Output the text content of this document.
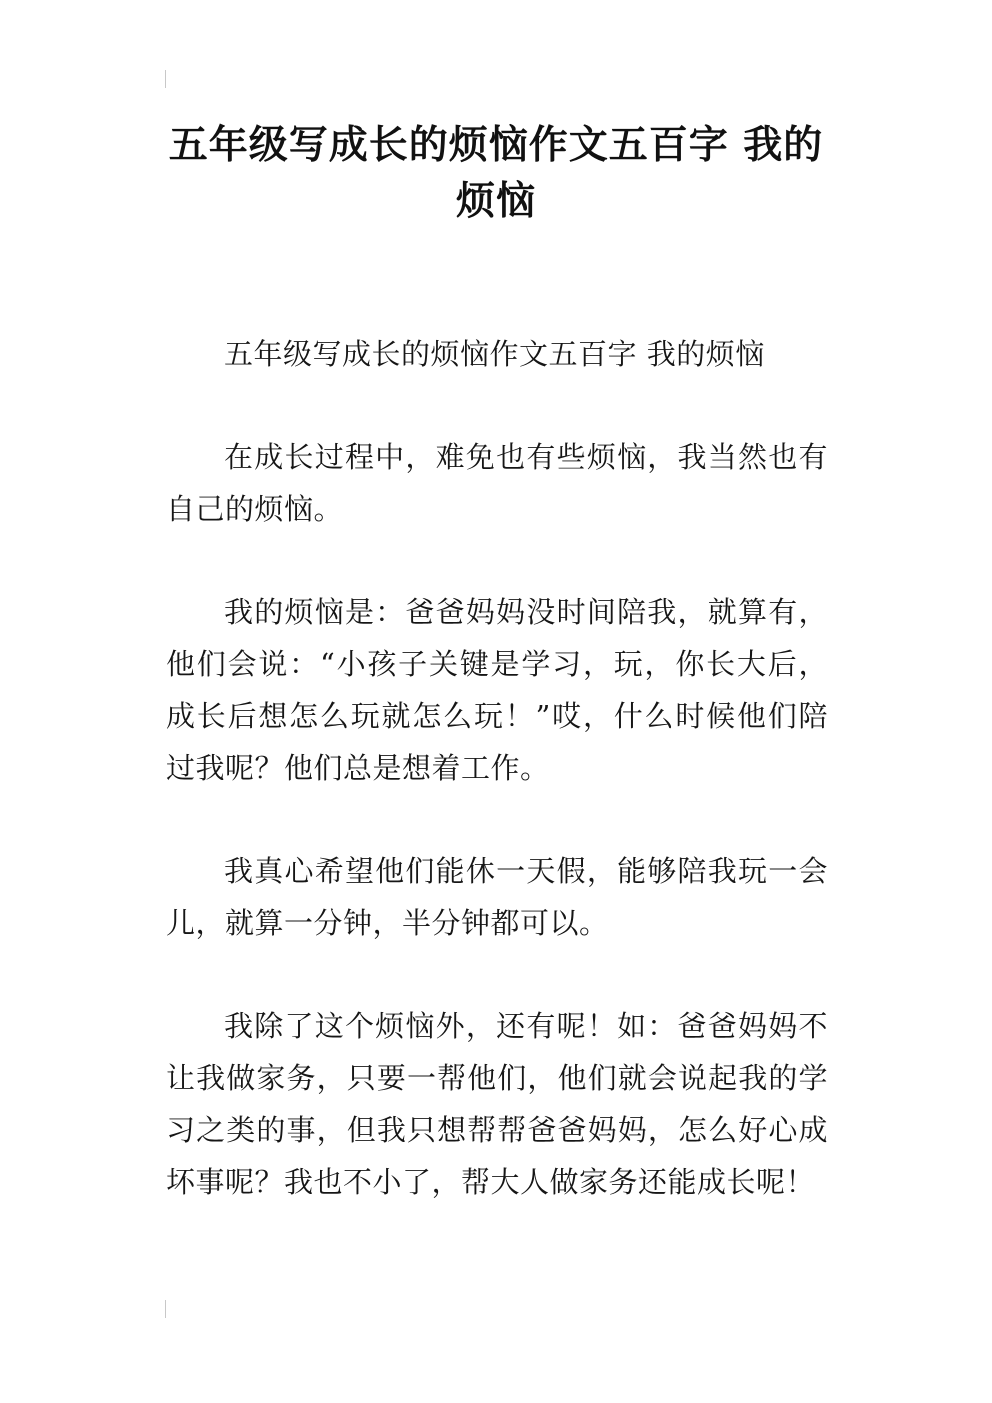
五年级写成长的烦恼作文五百字 我的烦恼

五年级写成长的烦恼作文五百字 我的烦恼

在成长过程中，难免也有些烦恼，我当然也有自己的烦恼。

我的烦恼是：爸爸妈妈没时间陪我，就算有，他们会说：“小孩子关键是学习，玩，你长大后，成长后想怎么玩就怎么玩！”哎，什么时候他们陪过我呢？他们总是想着工作。

我真心希望他们能休一天假，能够陪我玩一会儿，就算一分钟，半分钟都可以。

我除了这个烦恼外，还有呢！如：爸爸妈妈不让我做家务，只要一帮他们，他们就会说起我的学习之类的事，但我只想帮帮爸爸妈妈，怎么好心成坏事呢？我也不小了，帮大人做家务还能成长呢！
